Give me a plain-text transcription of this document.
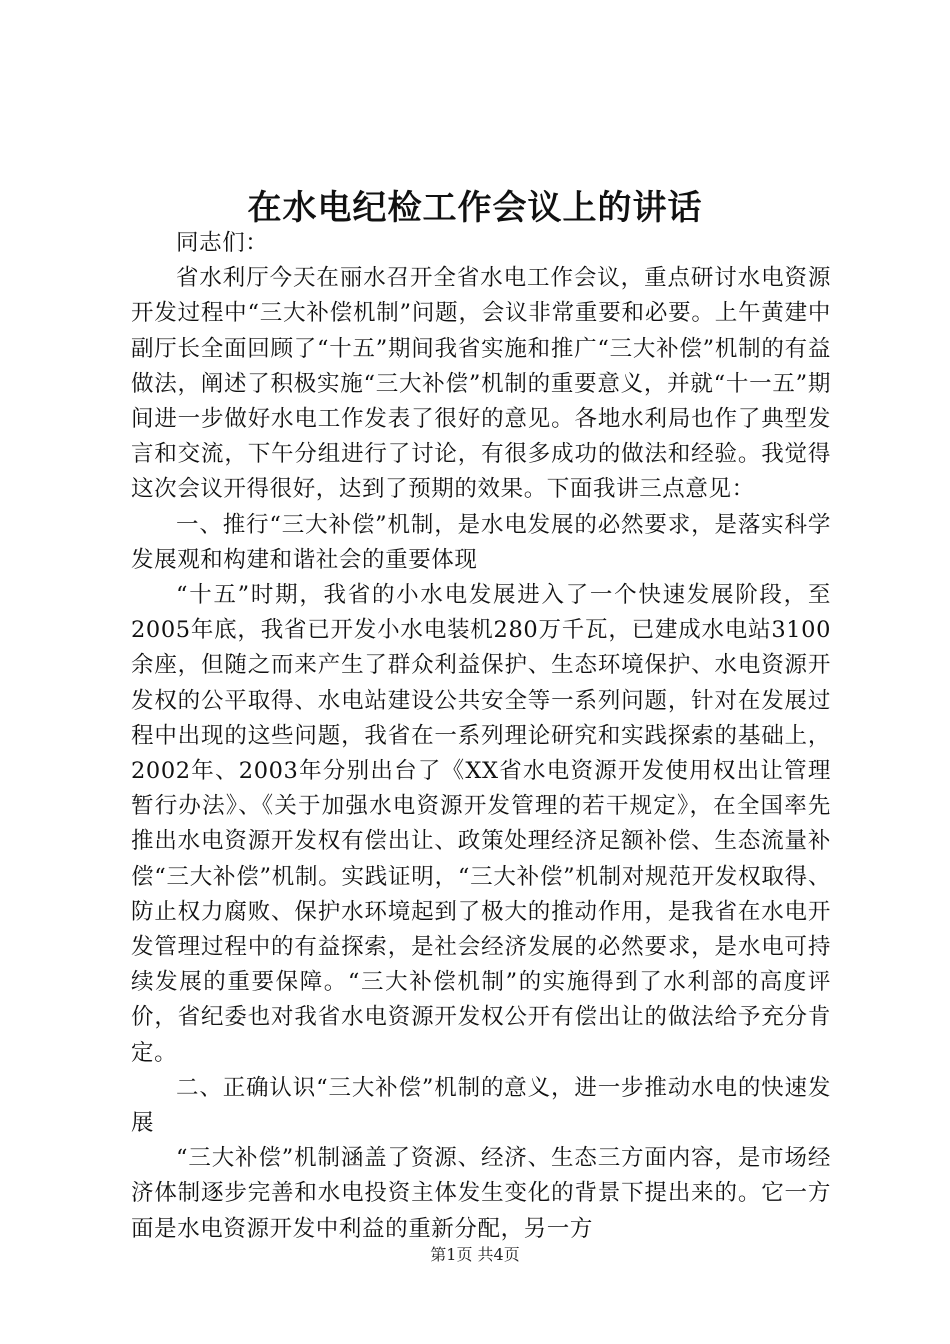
在水电纪检工作会议上的讲话

同志们：

省水利厅今天在丽水召开全省水电工作会议，重点研讨水电资源开发过程中“三大补偿机制”问题，会议非常重要和必要。上午黄建中副厅长全面回顾了“十五”期间我省实施和推广“三大补偿”机制的有益做法，阐述了积极实施“三大补偿”机制的重要意义，并就“十一五”期间进一步做好水电工作发表了很好的意见。各地水利局也作了典型发言和交流，下午分组进行了讨论，有很多成功的做法和经验。我觉得这次会议开得很好，达到了预期的效果。下面我讲三点意见：

一、推行“三大补偿”机制，是水电发展的必然要求，是落实科学发展观和构建和谐社会的重要体现

“十五”时期，我省的小水电发展进入了一个快速发展阶段，至2005年底，我省已开发小水电装机280万千瓦，已建成水电站3100余座，但随之而来产生了群众利益保护、生态环境保护、水电资源开发权的公平取得、水电站建设公共安全等一系列问题，针对在发展过程中出现的这些问题，我省在一系列理论研究和实践探索的基础上，2002年、2003年分别出台了《XX省水电资源开发使用权出让管理暂行办法》、《关于加强水电资源开发管理的若干规定》，在全国率先推出水电资源开发权有偿出让、政策处理经济足额补偿、生态流量补偿“三大补偿”机制。实践证明，“三大补偿”机制对规范开发权取得、防止权力腐败、保护水环境起到了极大的推动作用，是我省在水电开发管理过程中的有益探索，是社会经济发展的必然要求，是水电可持续发展的重要保障。“三大补偿机制”的实施得到了水利部的高度评价，省纪委也对我省水电资源开发权公开有偿出让的做法给予充分肯定。

二、正确认识“三大补偿”机制的意义，进一步推动水电的快速发展

“三大补偿”机制涵盖了资源、经济、生态三方面内容，是市场经济体制逐步完善和水电投资主体发生变化的背景下提出来的。它一方面是水电资源开发中利益的重新分配，另一方

第1页 共4页
